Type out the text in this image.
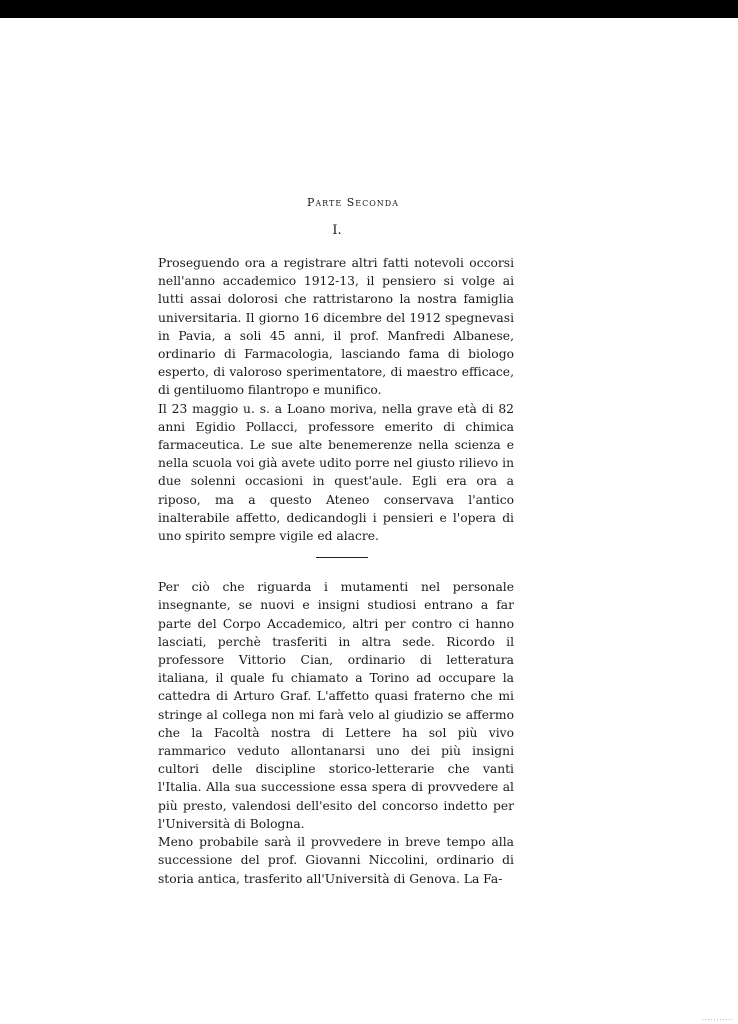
Parte Seconda
I.

Proseguendo ora a registrare altri fatti notevoli occorsi nell'anno accademico 1912-13, il pensiero si volge ai lutti assai dolorosi che rattristarono la nostra famiglia universitaria. Il giorno 16 dicembre del 1912 spegnevasi in Pavia, a soli 45 anni, il prof. Manfredi Albanese, ordinario di Farmacologia, lasciando fama di biologo esperto, di valoroso sperimentatore, di maestro efficace, di gentiluomo filantropo e munifico.

Il 23 maggio u. s. a Loano moriva, nella grave età di 82 anni Egidio Pollacci, professore emerito di chimica farmaceutica. Le sue alte benemerenze nella scienza e nella scuola voi già avete udito porre nel giusto rilievo in due solenni occasioni in quest'aule. Egli era ora a riposo, ma a questo Ateneo conservava l'antico inalterabile affetto, dedicandogli i pensieri e l'opera di uno spirito sempre vigile ed alacre.

Per ciò che riguarda i mutamenti nel personale insegnante, se nuovi e insigni studiosi entrano a far parte del Corpo Accademico, altri per contro ci hanno lasciati, perchè trasferiti in altra sede. Ricordo il professore Vittorio Cian, ordinario di letteratura italiana, il quale fu chiamato a Torino ad occupare la cattedra di Arturo Graf. L'affetto quasi fraterno che mi stringe al collega non mi farà velo al giudizio se affermo che la Facoltà nostra di Lettere ha sol più vivo rammarico veduto allontanarsi uno dei più insigni cultori delle discipline storico-letterarie che vanti l'Italia. Alla sua successione essa spera di provvedere al più presto, valendosi dell'esito del concorso indetto per l'Università di Bologna.

Meno probabile sarà il provvedere in breve tempo alla successione del prof. Giovanni Niccolini, ordinario di storia antica, trasferito all'Università di Genova. La Fa-

...........
